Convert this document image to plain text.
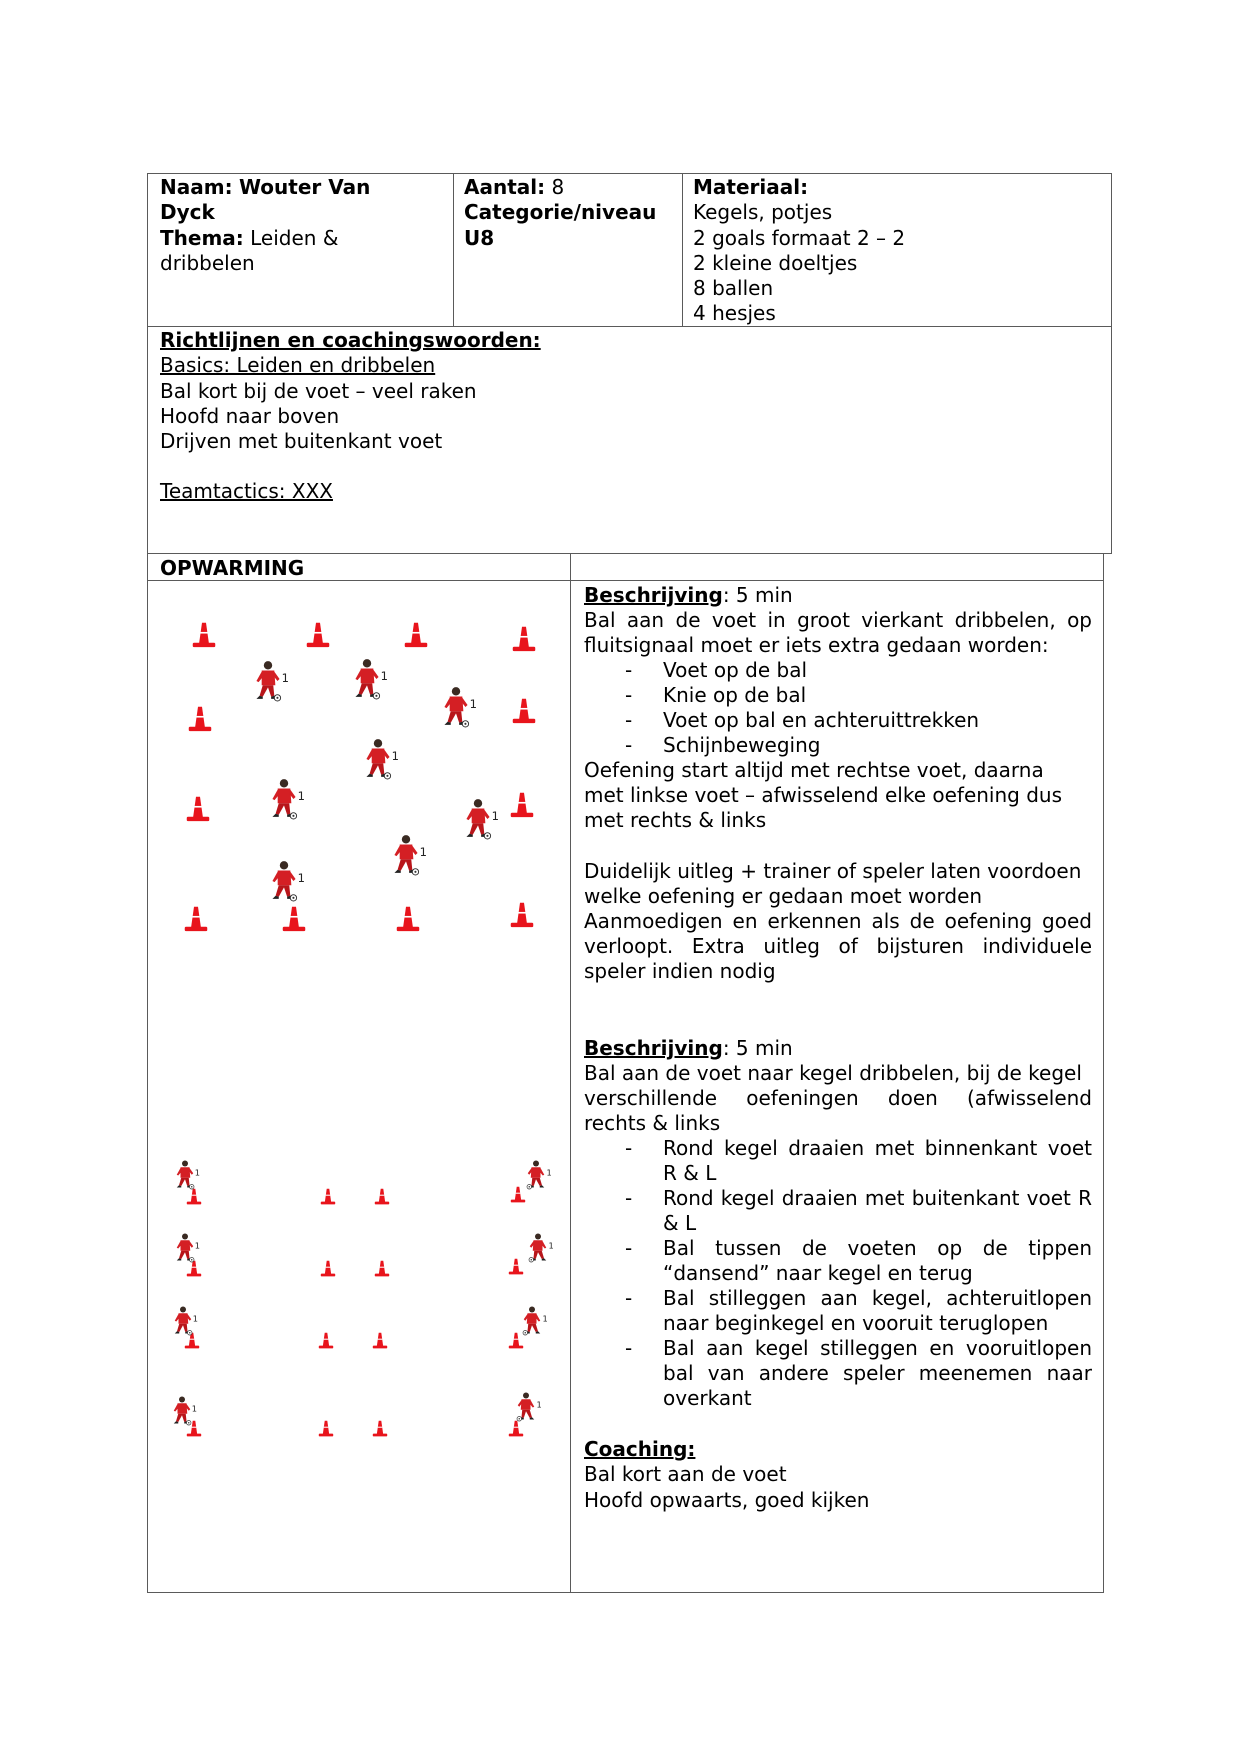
Naam: Wouter Van
Dyck
Thema: Leiden &
dribbelen
Aantal: 8
Categorie/niveau
U8
Materiaal:
Kegels, potjes
2 goals formaat 2 – 2
2 kleine doeltjes
8 ballen
4 hesjes
Richtlijnen en coachingswoorden:
Basics: Leiden en dribbelen
Bal kort bij de voet – veel raken
Hoofd naar boven
Drijven met buitenkant voet
Teamtactics: XXX
OPWARMING
Beschrijving: 5 min
Bal aan de voet in groot vierkant dribbelen, op
fluitsignaal moet er iets extra gedaan worden:
- Voet op de bal
- Knie op de bal
- Voet op bal en achteruittrekken
- Schijnbeweging
Oefening start altijd met rechtse voet, daarna
met linkse voet – afwisselend elke oefening dus
met rechts & links
Duidelijk uitleg + trainer of speler laten voordoen
welke oefening er gedaan moet worden
Aanmoedigen en erkennen als de oefening goed
verloopt. Extra uitleg of bijsturen individuele
speler indien nodig
Beschrijving: 5 min
Bal aan de voet naar kegel dribbelen, bij de kegel
verschillende oefeningen doen (afwisselend
rechts & links
- Rond kegel draaien met binnenkant voet
R & L
- Rond kegel draaien met buitenkant voet R
& L
- Bal tussen de voeten op de tippen
“dansend” naar kegel en terug
- Bal stilleggen aan kegel, achteruitlopen
naar beginkegel en vooruit teruglopen
- Bal aan kegel stilleggen en vooruitlopen
bal van andere speler meenemen naar
overkant
Coaching:
Bal kort aan de voet
Hoofd opwaarts, goed kijken
1	1
1
1
1
1
1
1
1
1
1
1
1
1
1
1
